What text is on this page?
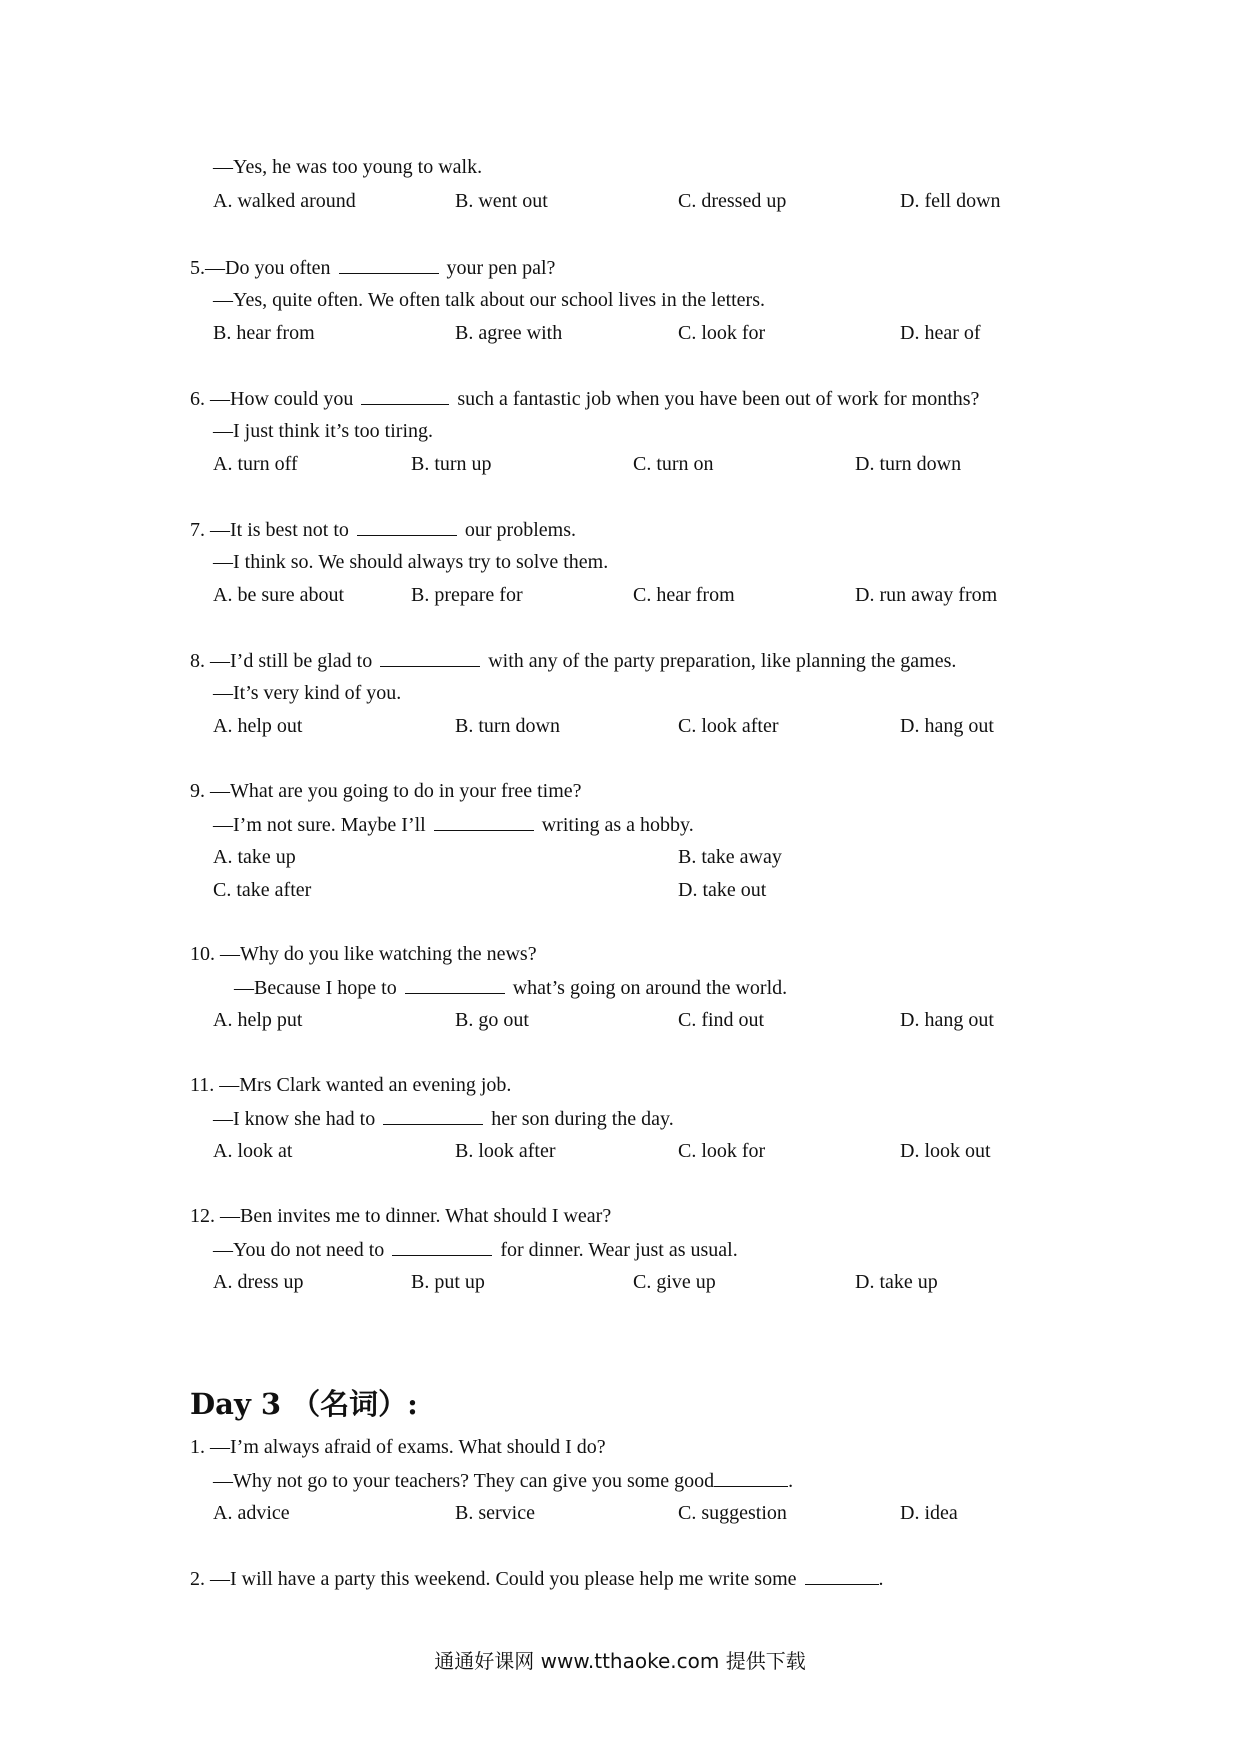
—Yes, he was too young to walk.
A. walked around	B. went out	C. dressed up	D. fell down
5.—Do you often	your pen pal?
—Yes, quite often. We often talk about our school lives in the letters.
B. hear from	B. agree with	C. look for	D. hear of
6. —How could you	such a fantastic job when you have been out of work for months?
—I just think it’s too tiring.
A. turn off	B. turn up	C. turn on	D. turn down
7. —It is best not to	our problems.
—I think so. We should always try to solve them.
A. be sure about	B. prepare for	C. hear from	D. run away from
8. —I’d still be glad to	with any of the party preparation, like planning the games.
—It’s very kind of you.
A. help out	B. turn down	C. look after	D. hang out
9. —What are you going to do in your free time?
—I’m not sure. Maybe I’ll	writing as a hobby.
A. take up	B. take away
C. take after	D. take out
10. —Why do you like watching the news?
—Because I hope to	what’s going on around the world.
A. help put	B. go out	C. find out	D. hang out
11. —Mrs Clark wanted an evening job.
—I know she had to	her son during the day.
A. look at	B. look after	C. look for	D. look out
12. —Ben invites me to dinner. What should I wear?
—You do not need to	for dinner. Wear just as usual.
A. dress up	B. put up	C. give up	D. take up
Day 3 （名词）:
1. —I’m always afraid of exams. What should I do?
—Why not go to your teachers? They can give you some good	.
A. advice	B. service	C. suggestion	D. idea
2. —I will have a party this weekend. Could you please help me write some	.
通通好课网 www.tthaoke.com 提供下载
